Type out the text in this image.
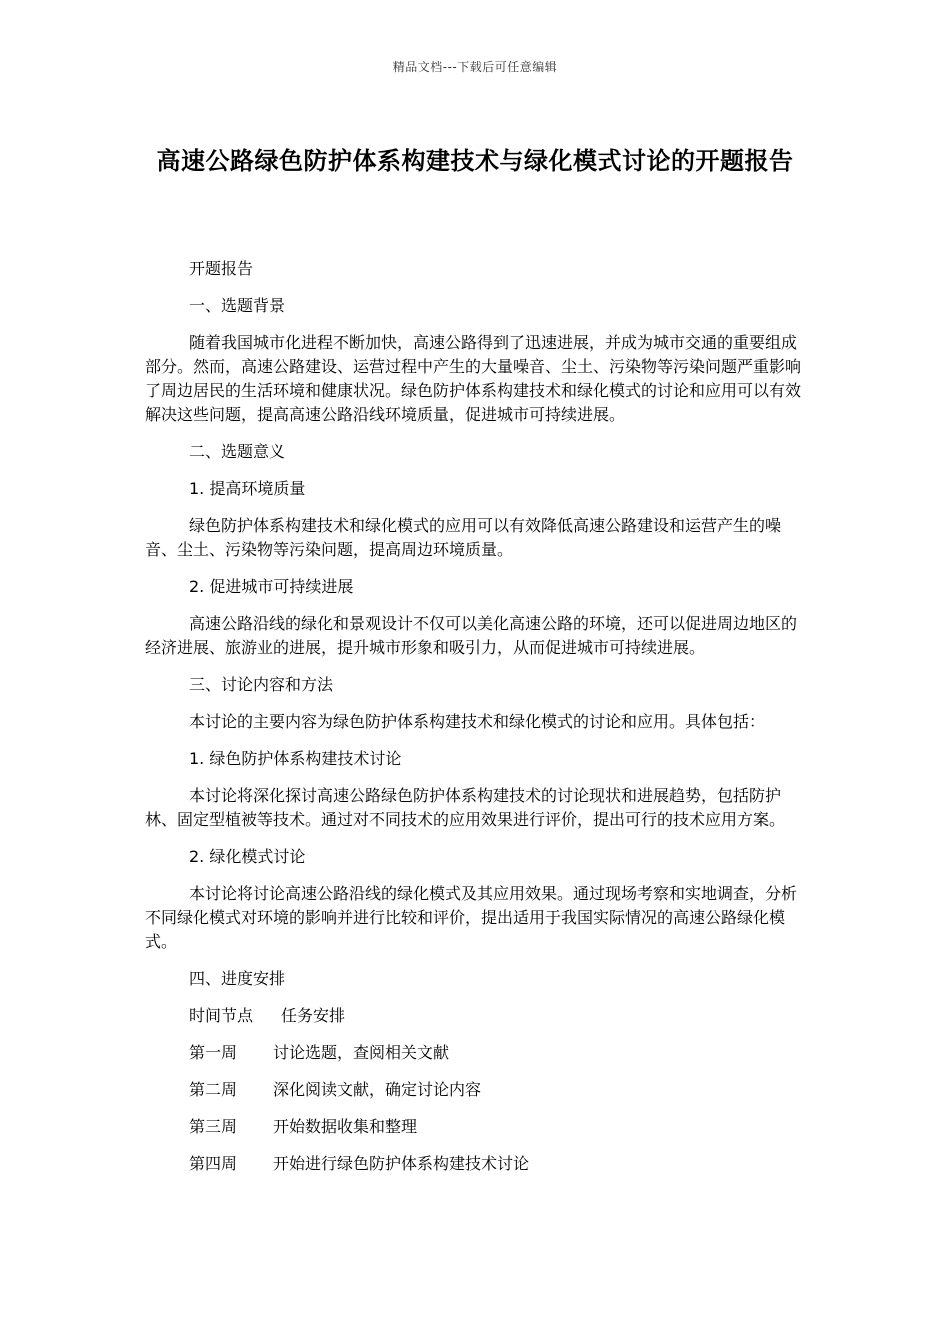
精品文档---下载后可任意编辑
高速公路绿色防护体系构建技术与绿化模式讨论的开题报告

开题报告

一、选题背景

随着我国城市化进程不断加快，高速公路得到了迅速进展，并成为城市交通的重要组成部分。然而，高速公路建设、运营过程中产生的大量噪音、尘土、污染物等污染问题严重影响了周边居民的生活环境和健康状况。绿色防护体系构建技术和绿化模式的讨论和应用可以有效解决这些问题，提高高速公路沿线环境质量，促进城市可持续进展。

二、选题意义

1. 提高环境质量

绿色防护体系构建技术和绿化模式的应用可以有效降低高速公路建设和运营产生的噪音、尘土、污染物等污染问题，提高周边环境质量。

2. 促进城市可持续进展

高速公路沿线的绿化和景观设计不仅可以美化高速公路的环境，还可以促进周边地区的经济进展、旅游业的进展，提升城市形象和吸引力，从而促进城市可持续进展。

三、讨论内容和方法

本讨论的主要内容为绿色防护体系构建技术和绿化模式的讨论和应用。具体包括：

1. 绿色防护体系构建技术讨论

本讨论将深化探讨高速公路绿色防护体系构建技术的讨论现状和进展趋势，包括防护林、固定型植被等技术。通过对不同技术的应用效果进行评价，提出可行的技术应用方案。

2. 绿化模式讨论

本讨论将讨论高速公路沿线的绿化模式及其应用效果。通过现场考察和实地调查，分析不同绿化模式对环境的影响并进行比较和评价，提出适用于我国实际情况的高速公路绿化模式。

四、进度安排

时间节点	任务安排
第一周	讨论选题，查阅相关文献
第二周	深化阅读文献，确定讨论内容
第三周	开始数据收集和整理
第四周	开始进行绿色防护体系构建技术讨论
